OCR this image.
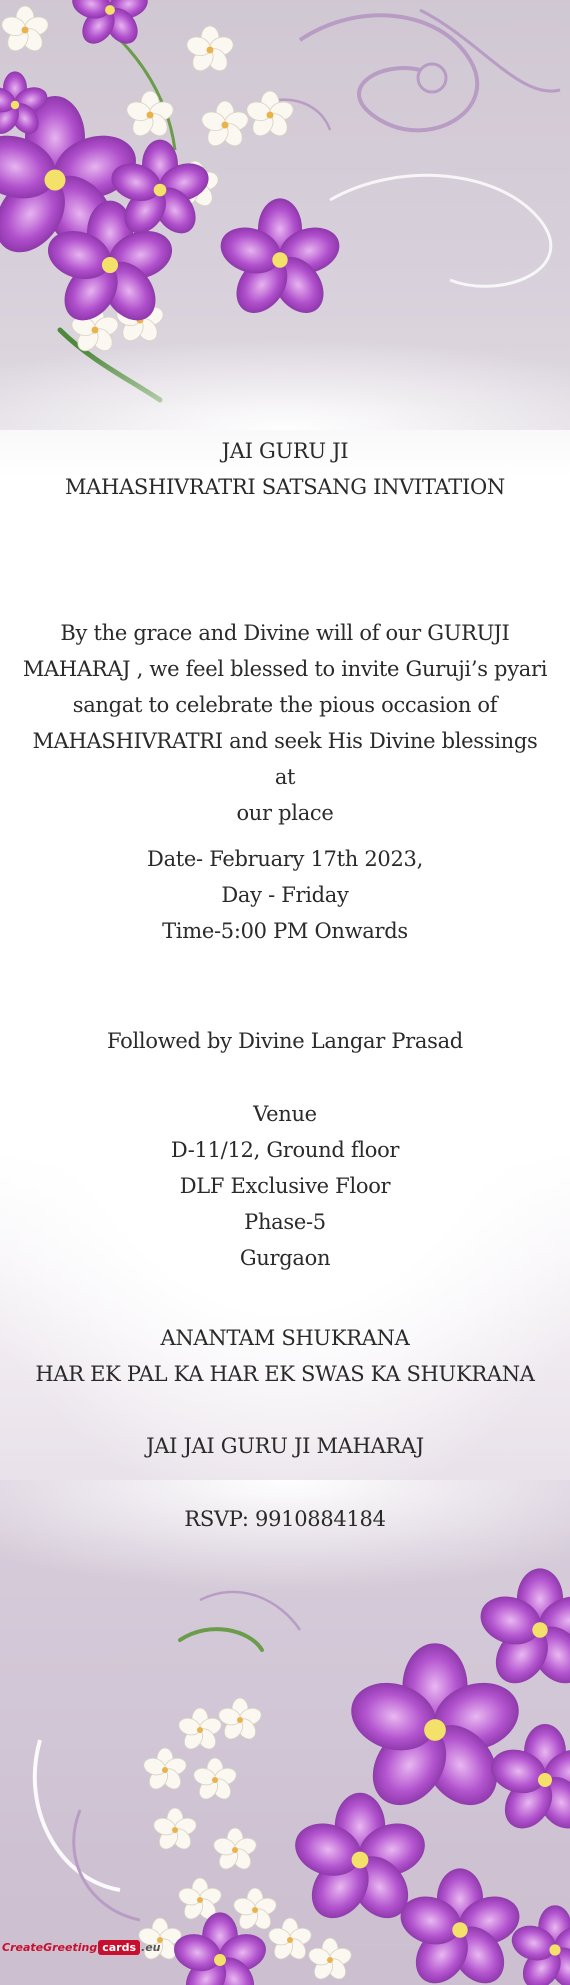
JAI GURU JI
MAHASHIVRATRI SATSANG INVITATION
By the grace and Divine will of our GURUJI
MAHARAJ , we feel blessed to invite Guruji’s pyari
sangat to celebrate the pious occasion of
MAHASHIVRATRI and seek His Divine blessings at
our place
Date- February 17th 2023,
Day - Friday
Time-5:00 PM Onwards
Followed by Divine Langar Prasad
Venue
D-11/12, Ground floor
DLF Exclusive Floor
Phase-5
Gurgaon
ANANTAM SHUKRANA
HAR EK PAL KA HAR EK SWAS KA SHUKRANA
JAI JAI GURU JI MAHARAJ
RSVP: 9910884184
CreateGreeting cards .eu
